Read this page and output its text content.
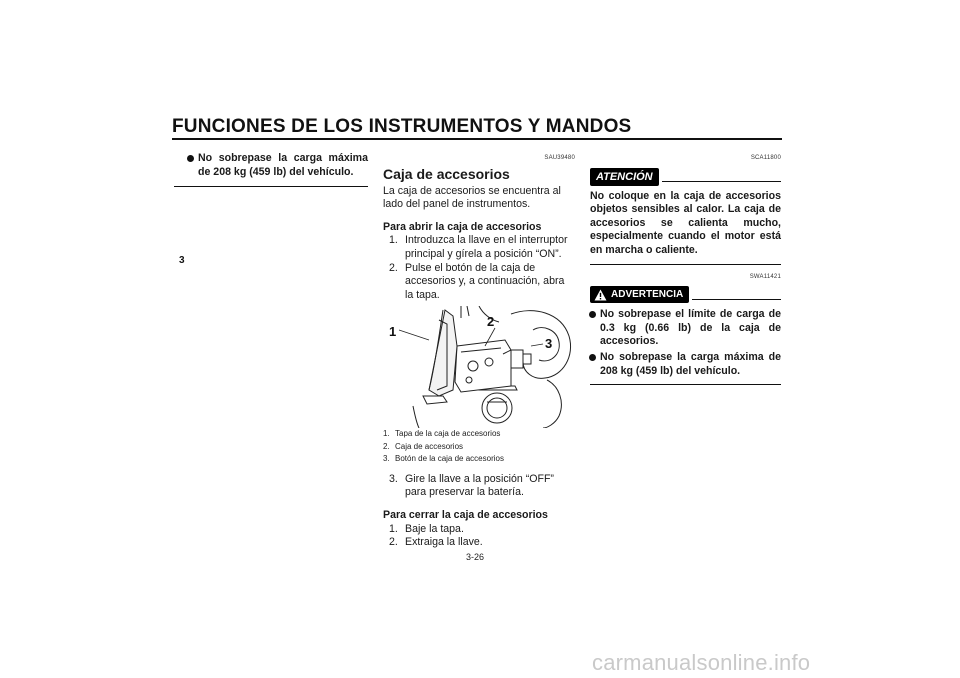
FUNCIONES DE LOS INSTRUMENTOS Y MANDOS
3
No sobrepase la carga máxima de 208 kg (459 lb) del vehículo.
SAU39480
Caja de accesorios
La caja de accesorios se encuentra al lado del panel de instrumentos.
Para abrir la caja de accesorios
1. Introduzca la llave en el interruptor principal y gírela a posición “ON”.
2. Pulse el botón de la caja de accesorios y, a continuación, abra la tapa.
1
2
3
1. Tapa de la caja de accesorios
2. Caja de accesorios
3. Botón de la caja de accesorios
3. Gire la llave a la posición “OFF” para preservar la batería.
Para cerrar la caja de accesorios
1. Baje la tapa.
2. Extraiga la llave.
SCA11800
ATENCIÓN
No coloque en la caja de accesorios objetos sensibles al calor. La caja de accesorios se calienta mucho, especialmente cuando el motor está en marcha o caliente.
SWA11421
ADVERTENCIA
No sobrepase el límite de carga de 0.3 kg (0.66 lb) de la caja de accesorios.
No sobrepase la carga máxima de 208 kg (459 lb) del vehículo.
3-26
carmanualsonline.info
